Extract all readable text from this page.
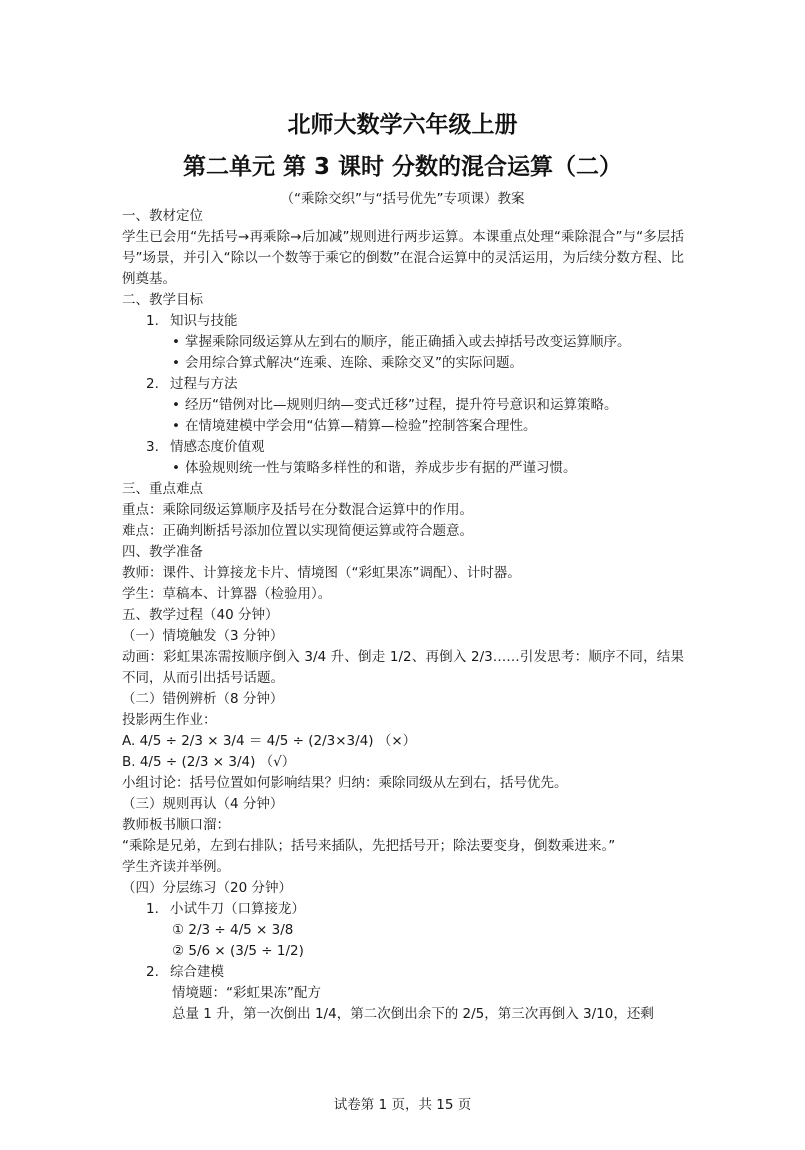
北师大数学六年级上册
第二单元 第 3 课时 分数的混合运算（二）
（“乘除交织”与“括号优先”专项课）教案
一、教材定位
学生已会用“先括号→再乘除→后加减”规则进行两步运算。本课重点处理“乘除混合”与“多层括号”场景，并引入“除以一个数等于乘它的倒数”在混合运算中的灵活运用，为后续分数方程、比例奠基。
二、教学目标
1. 知识与技能
• 掌握乘除同级运算从左到右的顺序，能正确插入或去掉括号改变运算顺序。
• 会用综合算式解决“连乘、连除、乘除交叉”的实际问题。
2. 过程与方法
• 经历“错例对比—规则归纳—变式迁移”过程，提升符号意识和运算策略。
• 在情境建模中学会用“估算—精算—检验”控制答案合理性。
3. 情感态度价值观
• 体验规则统一性与策略多样性的和谐，养成步步有据的严谨习惯。
三、重点难点
重点：乘除同级运算顺序及括号在分数混合运算中的作用。
难点：正确判断括号添加位置以实现简便运算或符合题意。
四、教学准备
教师：课件、计算接龙卡片、情境图（“彩虹果冻”调配）、计时器。
学生：草稿本、计算器（检验用）。
五、教学过程（40 分钟）
（一）情境触发（3 分钟）
动画：彩虹果冻需按顺序倒入 3/4 升、倒走 1/2、再倒入 2/3……引发思考：顺序不同，结果不同，从而引出括号话题。
（二）错例辨析（8 分钟）
投影两生作业：
A. 4/5 ÷ 2/3 × 3/4 ＝ 4/5 ÷ (2/3×3/4) （×）
B. 4/5 ÷ (2/3 × 3/4) （√）
小组讨论：括号位置如何影响结果？归纳：乘除同级从左到右，括号优先。
（三）规则再认（4 分钟）
教师板书顺口溜：
“乘除是兄弟，左到右排队；括号来插队，先把括号开；除法要变身，倒数乘进来。”
学生齐读并举例。
（四）分层练习（20 分钟）
1. 小试牛刀（口算接龙）
① 2/3 ÷ 4/5 × 3/8
② 5/6 × (3/5 ÷ 1/2)
2. 综合建模
情境题：“彩虹果冻”配方
总量 1 升，第一次倒出 1/4，第二次倒出余下的 2/5，第三次再倒入 3/10，还剩
试卷第 1 页，共 15 页
